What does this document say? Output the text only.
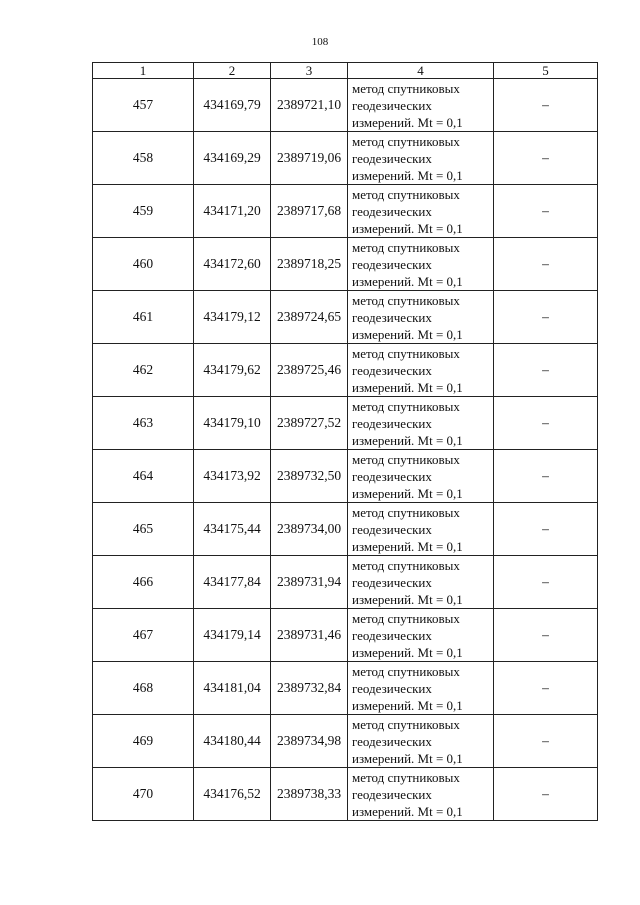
108
1	2	3	4	5
457	434169,79	2389721,10	метод спутниковых
геодезических
измерений. Mt = 0,1	–
458	434169,29	2389719,06	метод спутниковых
геодезических
измерений. Mt = 0,1	–
459	434171,20	2389717,68	метод спутниковых
геодезических
измерений. Mt = 0,1	–
460	434172,60	2389718,25	метод спутниковых
геодезических
измерений. Mt = 0,1	–
461	434179,12	2389724,65	метод спутниковых
геодезических
измерений. Mt = 0,1	–
462	434179,62	2389725,46	метод спутниковых
геодезических
измерений. Mt = 0,1	–
463	434179,10	2389727,52	метод спутниковых
геодезических
измерений. Mt = 0,1	–
464	434173,92	2389732,50	метод спутниковых
геодезических
измерений. Mt = 0,1	–
465	434175,44	2389734,00	метод спутниковых
геодезических
измерений. Mt = 0,1	–
466	434177,84	2389731,94	метод спутниковых
геодезических
измерений. Mt = 0,1	–
467	434179,14	2389731,46	метод спутниковых
геодезических
измерений. Mt = 0,1	–
468	434181,04	2389732,84	метод спутниковых
геодезических
измерений. Mt = 0,1	–
469	434180,44	2389734,98	метод спутниковых
геодезических
измерений. Mt = 0,1	–
470	434176,52	2389738,33	метод спутниковых
геодезических
измерений. Mt = 0,1	–
